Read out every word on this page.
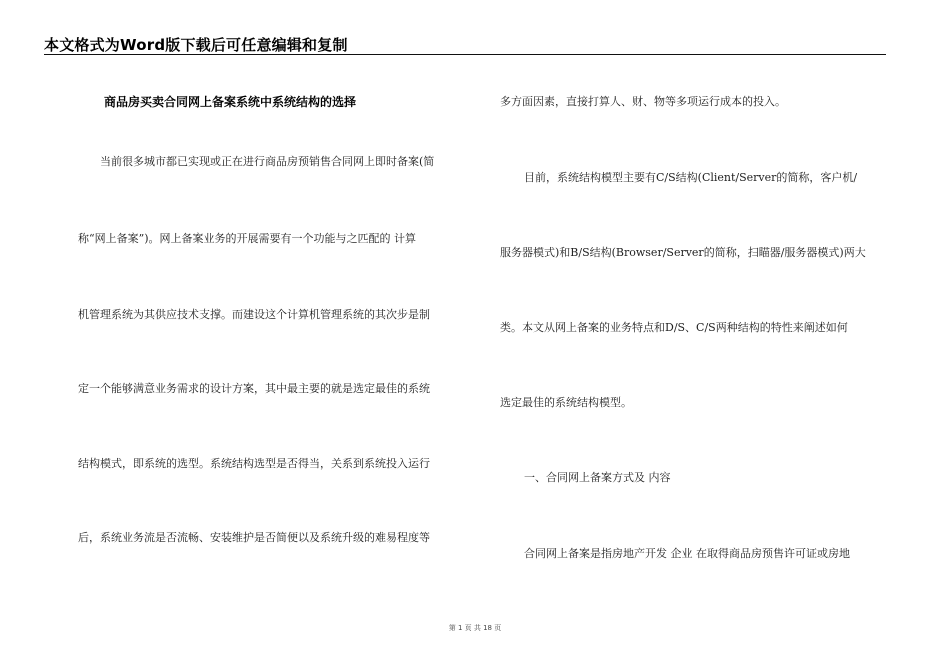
本文格式为Word版下载后可任意编辑和复制
商品房买卖合同网上备案系统中系统结构的选择
当前很多城市都已实现或正在进行商品房预销售合同网上即时备案(简
称“网上备案”)。网上备案业务的开展需要有一个功能与之匹配的 计算
机管理系统为其供应技术支撑。而建设这个计算机管理系统的其次步是制
定一个能够满意业务需求的设计方案，其中最主要的就是选定最佳的系统
结构模式，即系统的选型。系统结构选型是否得当，关系到系统投入运行
后，系统业务流是否流畅、安装维护是否简便以及系统升级的难易程度等
多方面因素，直接打算人、财、物等多项运行成本的投入。
目前，系统结构模型主要有C/S结构(Client/Server的简称，客户机/
服务器模式)和B/S结构(Browser/Server的简称，扫瞄器/服务器模式)两大
类。本文从网上备案的业务特点和D/S、C/S两种结构的特性来阐述如何
选定最佳的系统结构模型。
一、合同网上备案方式及 内容
合同网上备案是指房地产开发 企业 在取得商品房预售许可证或房地
第 1 页 共 18 页
